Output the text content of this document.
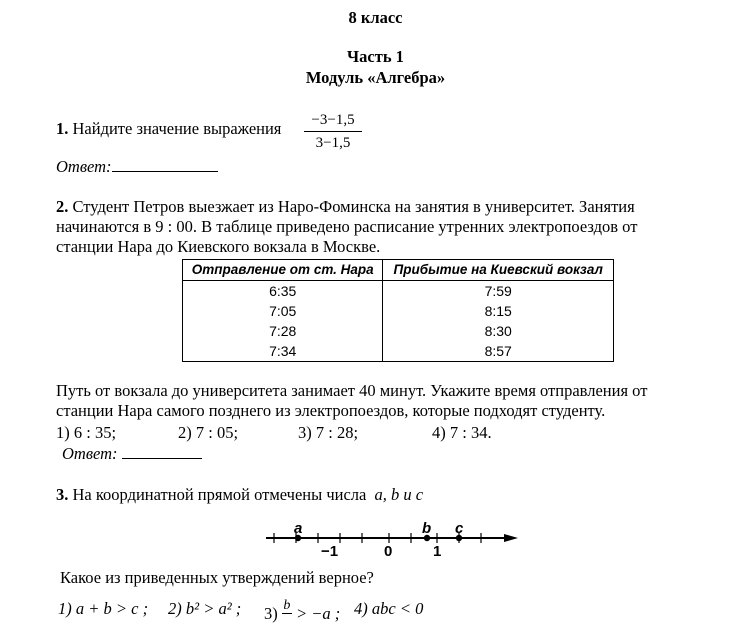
8 класс
Часть 1
Модуль «Алгебра»
1. Найдите значение выражения	−3−1,5
3−1,5
Ответ:
2. Студент Петров выезжает из Наро-Фоминска на занятия в университет. Занятия
начинаются в 9 : 00. В таблице приведено расписание утренних электропоездов от
станции Нара до Киевского вокзала в Москве.
Отправление от ст. Нара	Прибытие на Киевский вокзал
6:35	7:59
7:05	8:15
7:28	8:30
7:34	8:57
Путь от вокзала до университета занимает 40 минут. Укажите время отправления от
станции Нара самого позднего из электропоездов, которые подходят студенту.
1) 6 : 35;	2) 7 : 05;	3) 7 : 28;	4) 7 : 34.
Ответ:
3. На координатной прямой отмечены числа a, b и c
a	b c
−1	0	1
Какое из приведенных утверждений верное?
1) a + b > c ; 2) b² > a² ; 3) b > −a ; 4) abc < 0
